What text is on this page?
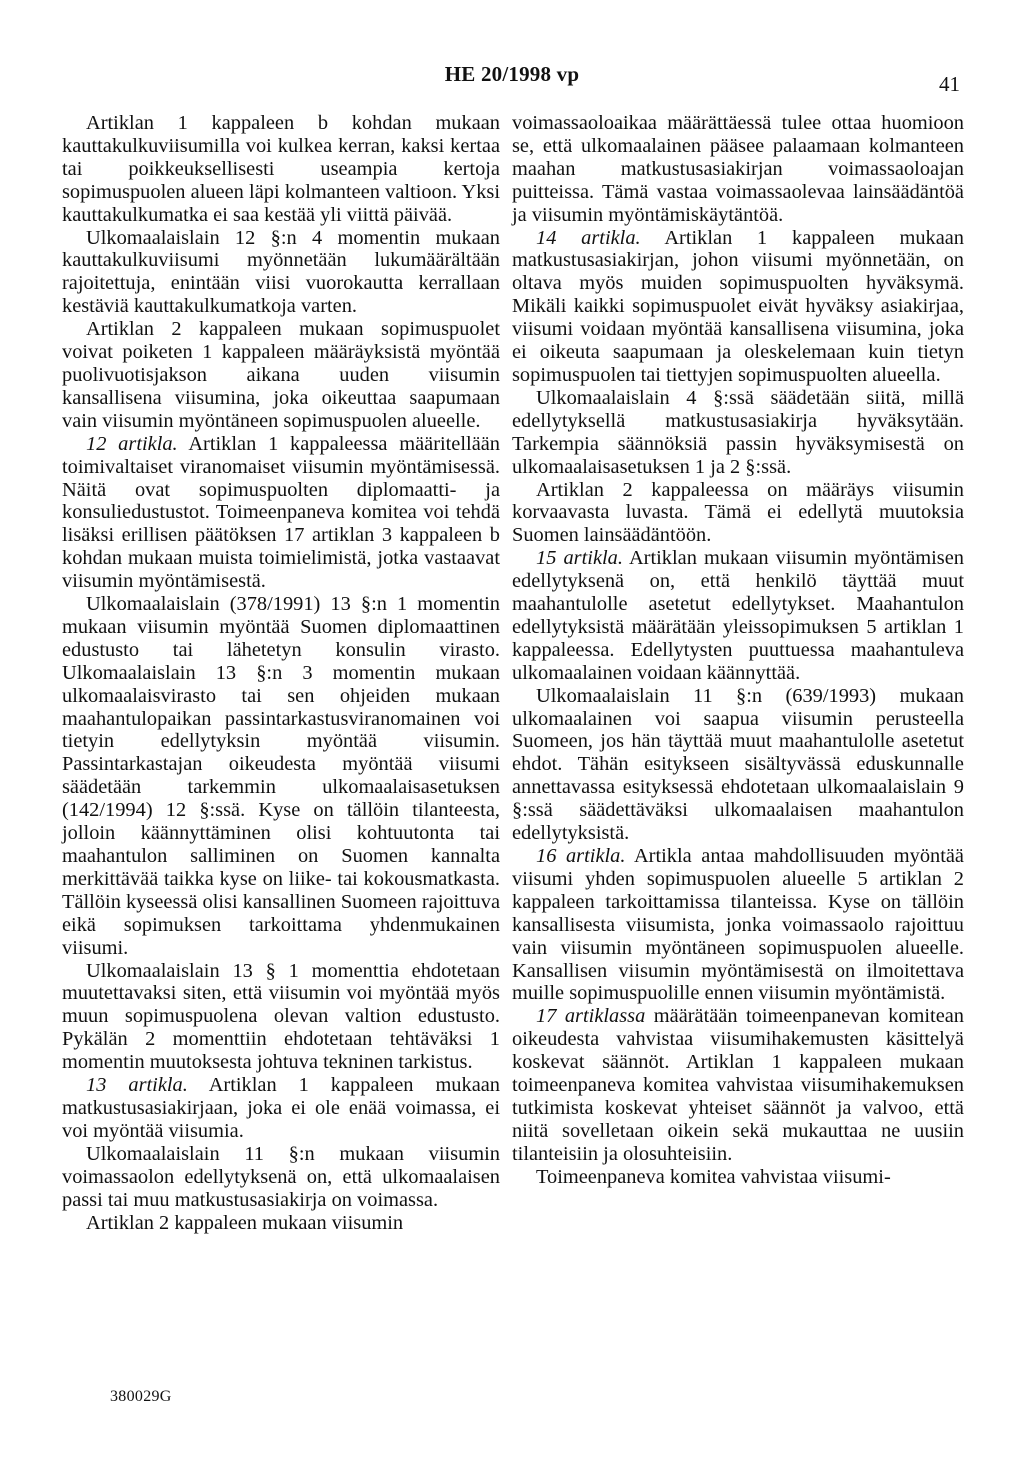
HE 20/1998 vp	41

Artiklan 1 kappaleen b kohdan mukaan kauttakulkuviisumilla voi kulkea kerran, kaksi kertaa tai poikkeuksellisesti useampia kertoja sopimuspuolen alueen läpi kolmanteen valtioon. Yksi kauttakulkumatka ei saa kestää yli viittä päivää.

Ulkomaalaislain 12 §:n 4 momentin mukaan kauttakulkuviisumi myönnetään lukumäärältään rajoitettuja, enintään viisi vuorokautta kerrallaan kestäviä kauttakulkumatkoja varten.

Artiklan 2 kappaleen mukaan sopimuspuolet voivat poiketen 1 kappaleen määräyksistä myöntää puolivuotisjakson aikana uuden viisumin kansallisena viisumina, joka oikeuttaa saapumaan vain viisumin myöntäneen sopimuspuolen alueelle.

12 artikla. Artiklan 1 kappaleessa määritellään toimivaltaiset viranomaiset viisumin myöntämisessä. Näitä ovat sopimuspuolten diplomaatti- ja konsuliedustustot. Toimeenpaneva komitea voi tehdä lisäksi erillisen päätöksen 17 artiklan 3 kappaleen b kohdan mukaan muista toimielimistä, jotka vastaavat viisumin myöntämisestä.

Ulkomaalaislain (378/1991) 13 §:n 1 momentin mukaan viisumin myöntää Suomen diplomaattinen edustusto tai lähetetyn konsulin virasto. Ulkomaalaislain 13 §:n 3 momentin mukaan ulkomaalaisvirasto tai sen ohjeiden mukaan maahantulopaikan passintarkastusviranomainen voi tietyin edellytyksin myöntää viisumin. Passintarkastajan oikeudesta myöntää viisumi säädetään tarkemmin ulkomaalaisasetuksen (142/1994) 12 §:ssä. Kyse on tällöin tilanteesta, jolloin käännyttäminen olisi kohtuutonta tai maahantulon salliminen on Suomen kannalta merkittävää taikka kyse on liike- tai kokousmatkasta. Tällöin kyseessä olisi kansallinen Suomeen rajoittuva eikä sopimuksen tarkoittama yhdenmukainen viisumi.

Ulkomaalaislain 13 § 1 momenttia ehdotetaan muutettavaksi siten, että viisumin voi myöntää myös muun sopimuspuolena olevan valtion edustusto. Pykälän 2 momenttiin ehdotetaan tehtäväksi 1 momentin muutoksesta johtuva tekninen tarkistus.

13 artikla. Artiklan 1 kappaleen mukaan matkustusasiakirjaan, joka ei ole enää voimassa, ei voi myöntää viisumia.

Ulkomaalaislain 11 §:n mukaan viisumin voimassaolon edellytyksenä on, että ulkomaalaisen passi tai muu matkustusasiakirja on voimassa.

Artiklan 2 kappaleen mukaan viisumin

voimassaoloaikaa määrättäessä tulee ottaa huomioon se, että ulkomaalainen pääsee palaamaan kolmanteen maahan matkustusasiakirjan voimassaoloajan puitteissa. Tämä vastaa voimassaolevaa lainsäädäntöä ja viisumin myöntämiskäytäntöä.

14 artikla. Artiklan 1 kappaleen mukaan matkustusasiakirjan, johon viisumi myönnetään, on oltava myös muiden sopimuspuolten hyväksymä. Mikäli kaikki sopimuspuolet eivät hyväksy asiakirjaa, viisumi voidaan myöntää kansallisena viisumina, joka ei oikeuta saapumaan ja oleskelemaan kuin tietyn sopimuspuolen tai tiettyjen sopimuspuolten alueella.

Ulkomaalaislain 4 §:ssä säädetään siitä, millä edellytyksellä matkustusasiakirja hyväksytään. Tarkempia säännöksiä passin hyväksymisestä on ulkomaalaisasetuksen 1 ja 2 §:ssä.

Artiklan 2 kappaleessa on määräys viisumin korvaavasta luvasta. Tämä ei edellytä muutoksia Suomen lainsäädäntöön.

15 artikla. Artiklan mukaan viisumin myöntämisen edellytyksenä on, että henkilö täyttää muut maahantulolle asetetut edellytykset. Maahantulon edellytyksistä määrätään yleissopimuksen 5 artiklan 1 kappaleessa. Edellytysten puuttuessa maahantuleva ulkomaalainen voidaan käännyttää.

Ulkomaalaislain 11 §:n (639/1993) mukaan ulkomaalainen voi saapua viisumin perusteella Suomeen, jos hän täyttää muut maahantulolle asetetut ehdot. Tähän esitykseen sisältyvässä eduskunnalle annettavassa esityksessä ehdotetaan ulkomaalaislain 9 §:ssä säädettäväksi ulkomaalaisen maahantulon edellytyksistä.

16 artikla. Artikla antaa mahdollisuuden myöntää viisumi yhden sopimuspuolen alueelle 5 artiklan 2 kappaleen tarkoittamissa tilanteissa. Kyse on tällöin kansallisesta viisumista, jonka voimassaolo rajoittuu vain viisumin myöntäneen sopimuspuolen alueelle. Kansallisen viisumin myöntämisestä on ilmoitettava muille sopimuspuolille ennen viisumin myöntämistä.

17 artiklassa määrätään toimeenpanevan komitean oikeudesta vahvistaa viisumihakemusten käsittelyä koskevat säännöt. Artiklan 1 kappaleen mukaan toimeenpaneva komitea vahvistaa viisumihakemuksen tutkimista koskevat yhteiset säännöt ja valvoo, että niitä sovelletaan oikein sekä mukauttaa ne uusiin tilanteisiin ja olosuhteisiin.

Toimeenpaneva komitea vahvistaa viisumi-

380029G
